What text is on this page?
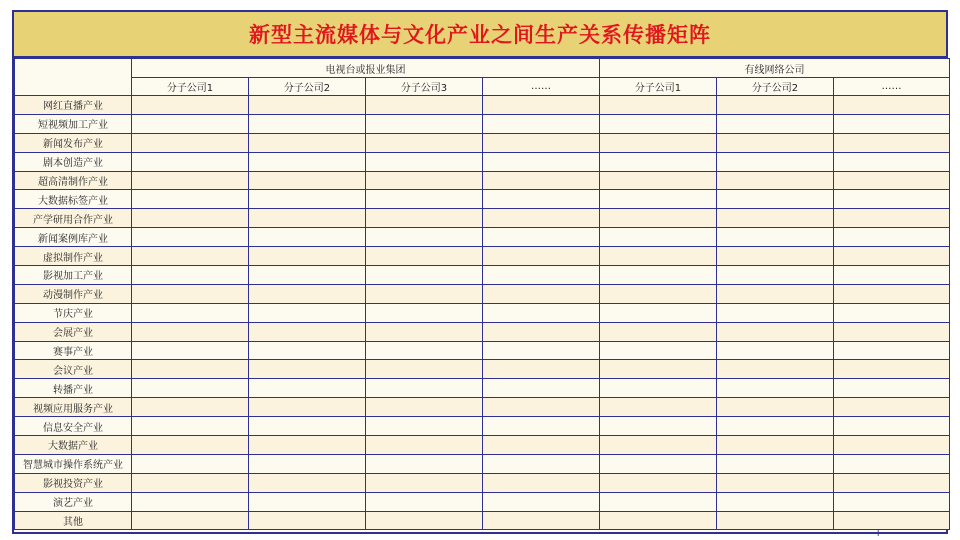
新型主流媒体与文化产业之间生产关系传播矩阵
	电视台或报业集团				有线网络公司		
	分子公司1	分子公司2	分子公司3	……	分子公司1	分子公司2	……
网红直播产业							
短视频加工产业							
新闻发布产业							
剧本创造产业							
超高清制作产业							
大数据标签产业							
产学研用合作产业							
新闻案例库产业							
虚拟制作产业							
影视加工产业							
动漫制作产业							
节庆产业							
会展产业							
赛事产业							
会议产业							
转播产业							
视频应用服务产业							
信息安全产业							
大数据产业							
智慧城市操作系统产业							
影视投资产业							
演艺产业							
其他							
+
